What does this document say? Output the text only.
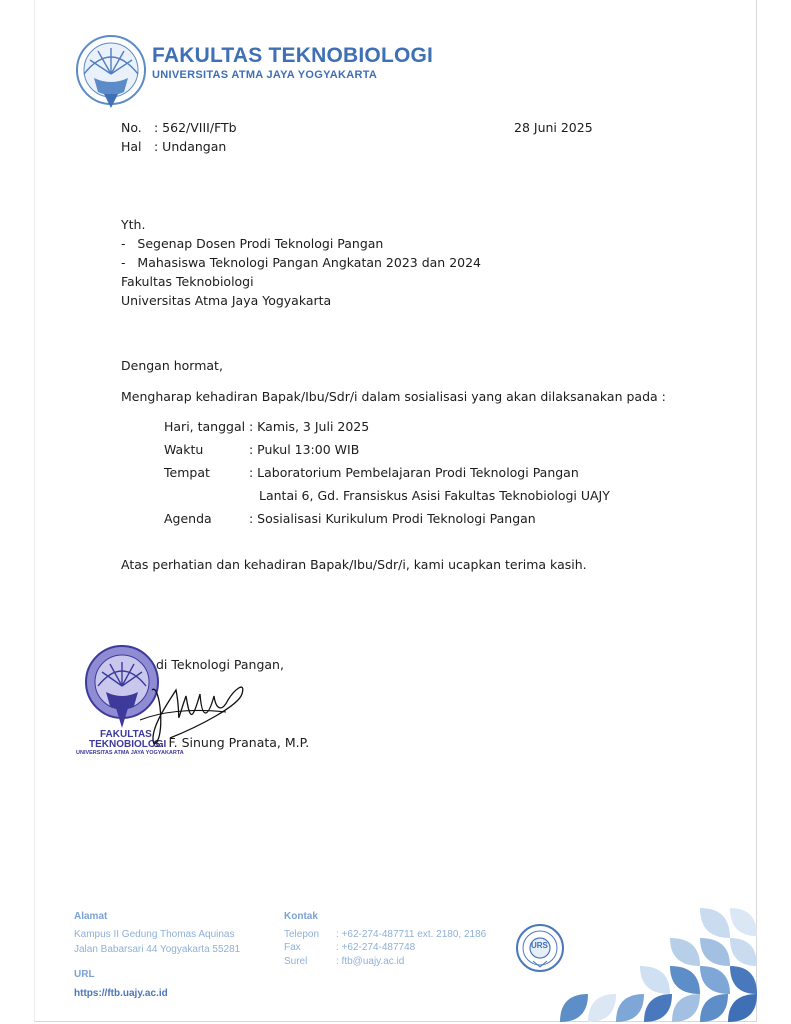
FAKULTAS TEKNOBIOLOGI
UNIVERSITAS ATMA JAYA YOGYAKARTA
No. : 562/VIII/FTb
Hal : Undangan
28 Juni 2025
Yth.
-   Segenap Dosen Prodi Teknologi Pangan
-   Mahasiswa Teknologi Pangan Angkatan 2023 dan 2024
Fakultas Teknobiologi
Universitas Atma Jaya Yogyakarta
Dengan hormat,
Mengharap kehadiran Bapak/Ibu/Sdr/i dalam sosialisasi yang akan dilaksanakan pada :
Hari, tanggal : Kamis, 3 Juli 2025
Waktu	: Pukul 13:00 WIB
Tempat	: Laboratorium Pembelajaran Prodi Teknologi Pangan
Lantai 6, Gd. Fransiskus Asisi Fakultas Teknobiologi UAJY
Agenda	: Sosialisasi Kurikulum Prodi Teknologi Pangan
Atas perhatian dan kehadiran Bapak/Ibu/Sdr/i, kami ucapkan terima kasih.
di Teknologi Pangan,
s. F. Sinung Pranata, M.P.
FAKULTAS
TEKNOBIOLOGI
UNIVERSITAS ATMA JAYA YOGYAKARTA
Alamat
Kampus II Gedung Thomas Aquinas
Jalan Babarsari 44 Yogyakarta 55281
URL
https://ftb.uajy.ac.id
Kontak
Telepon : +62-274-487711 ext. 2180, 2186
Fax	: +62-274-487748
Surel	: ftb@uajy.ac.id
URS
